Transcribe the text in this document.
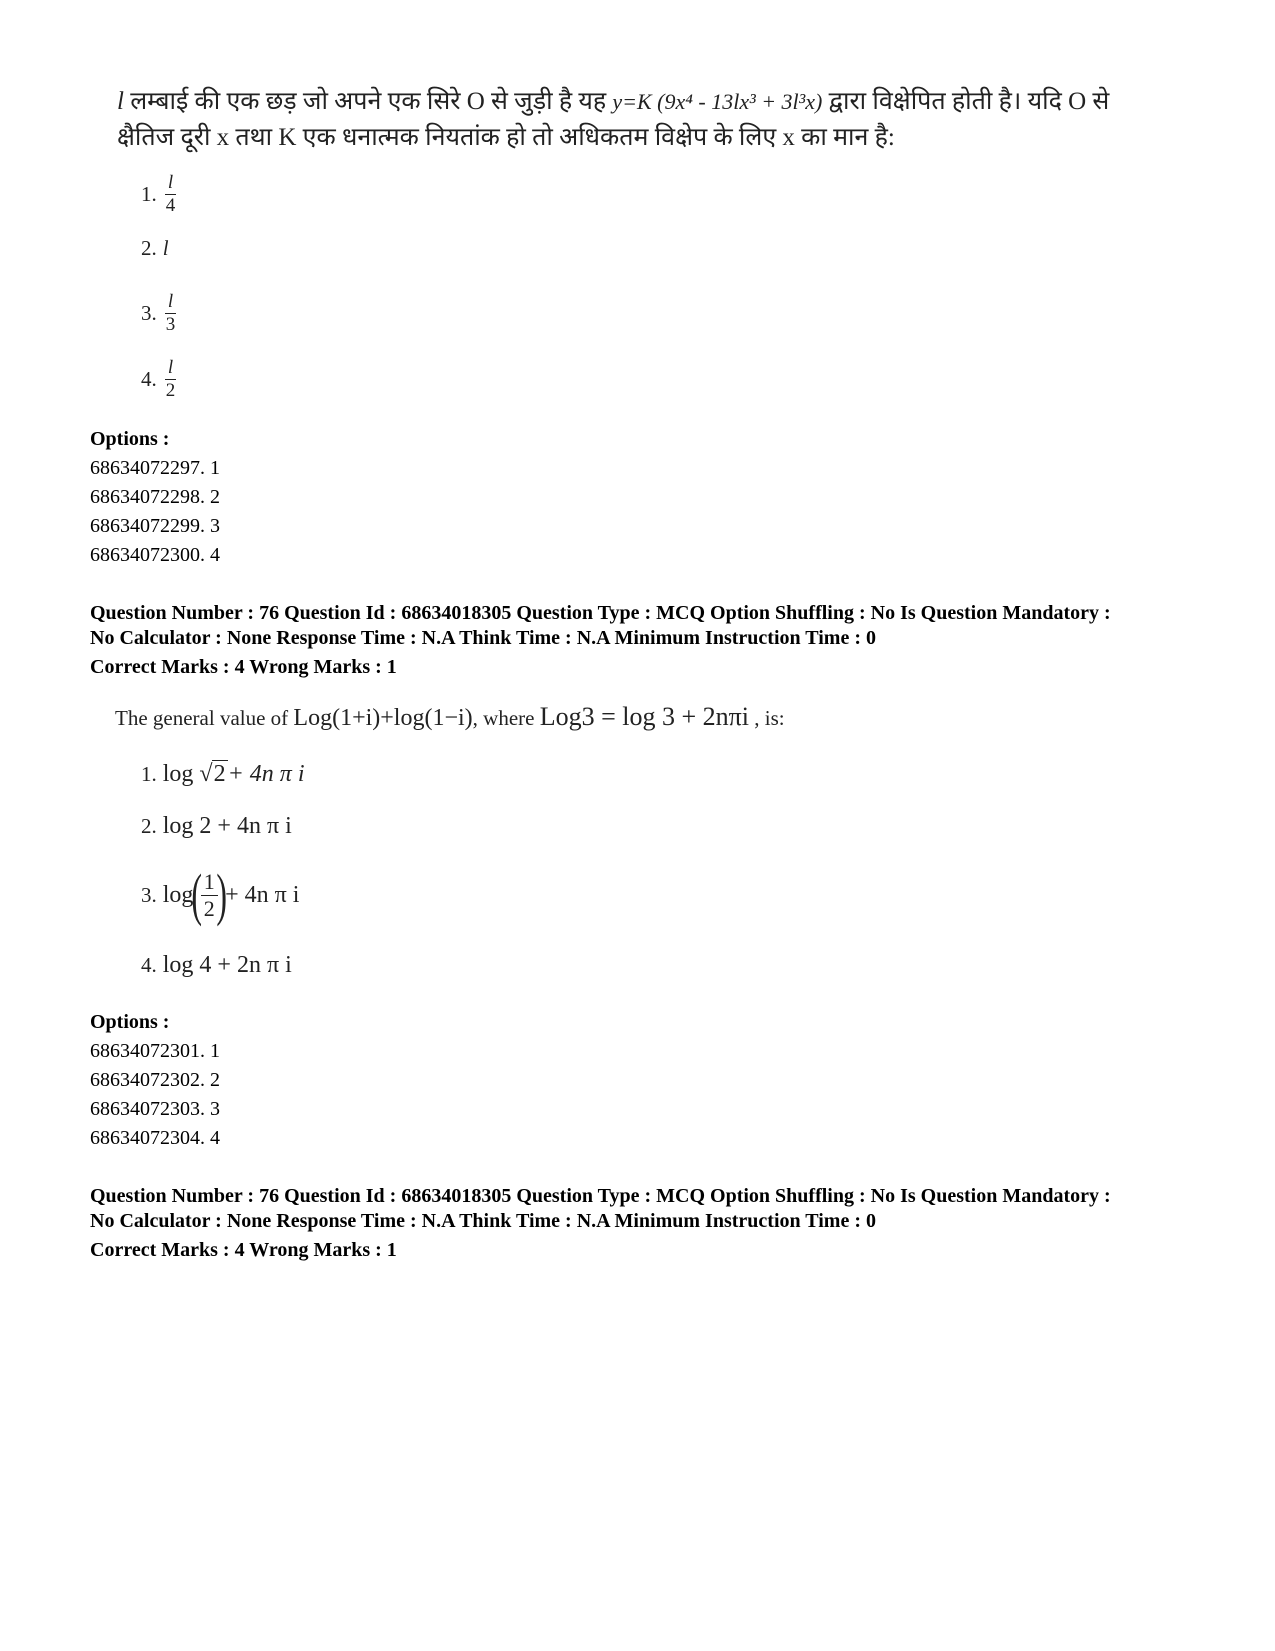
l लम्बाई की एक छड़ जो अपने एक सिरे O से जुड़ी है यह y=K (9x⁴ - 13lx³ + 3l³x) द्वारा विक्षेपित होती है। यदि O से
क्षैतिज दूरी x तथा K एक धनात्मक नियतांक हो तो अधिकतम विक्षेप के लिए x का मान है:
1. $\frac{l}{4}$
2. l
3. $\frac{l}{3}$
4. $\frac{l}{2}$
Options :
68634072297. 1
68634072298. 2
68634072299. 3
68634072300. 4
Question Number : 76 Question Id : 68634018305 Question Type : MCQ Option Shuffling : No Is Question Mandatory :
No Calculator : None Response Time : N.A Think Time : N.A Minimum Instruction Time : 0
Correct Marks : 4 Wrong Marks : 1
The general value of Log(1+i)+log(1−i), where Log3 = log 3 + 2nπi , is:
1. log
√ 2 + 4n π i
2. log 2 + 4n π i
3. log
(
$\frac{1}{2}$
)
+ 4n π i
4. log 4 + 2n π i
Options :
68634072301. 1
68634072302. 2
68634072303. 3
68634072304. 4
Question Number : 76 Question Id : 68634018305 Question Type : MCQ Option Shuffling : No Is Question Mandatory :
No Calculator : None Response Time : N.A Think Time : N.A Minimum Instruction Time : 0
Correct Marks : 4 Wrong Marks : 1
